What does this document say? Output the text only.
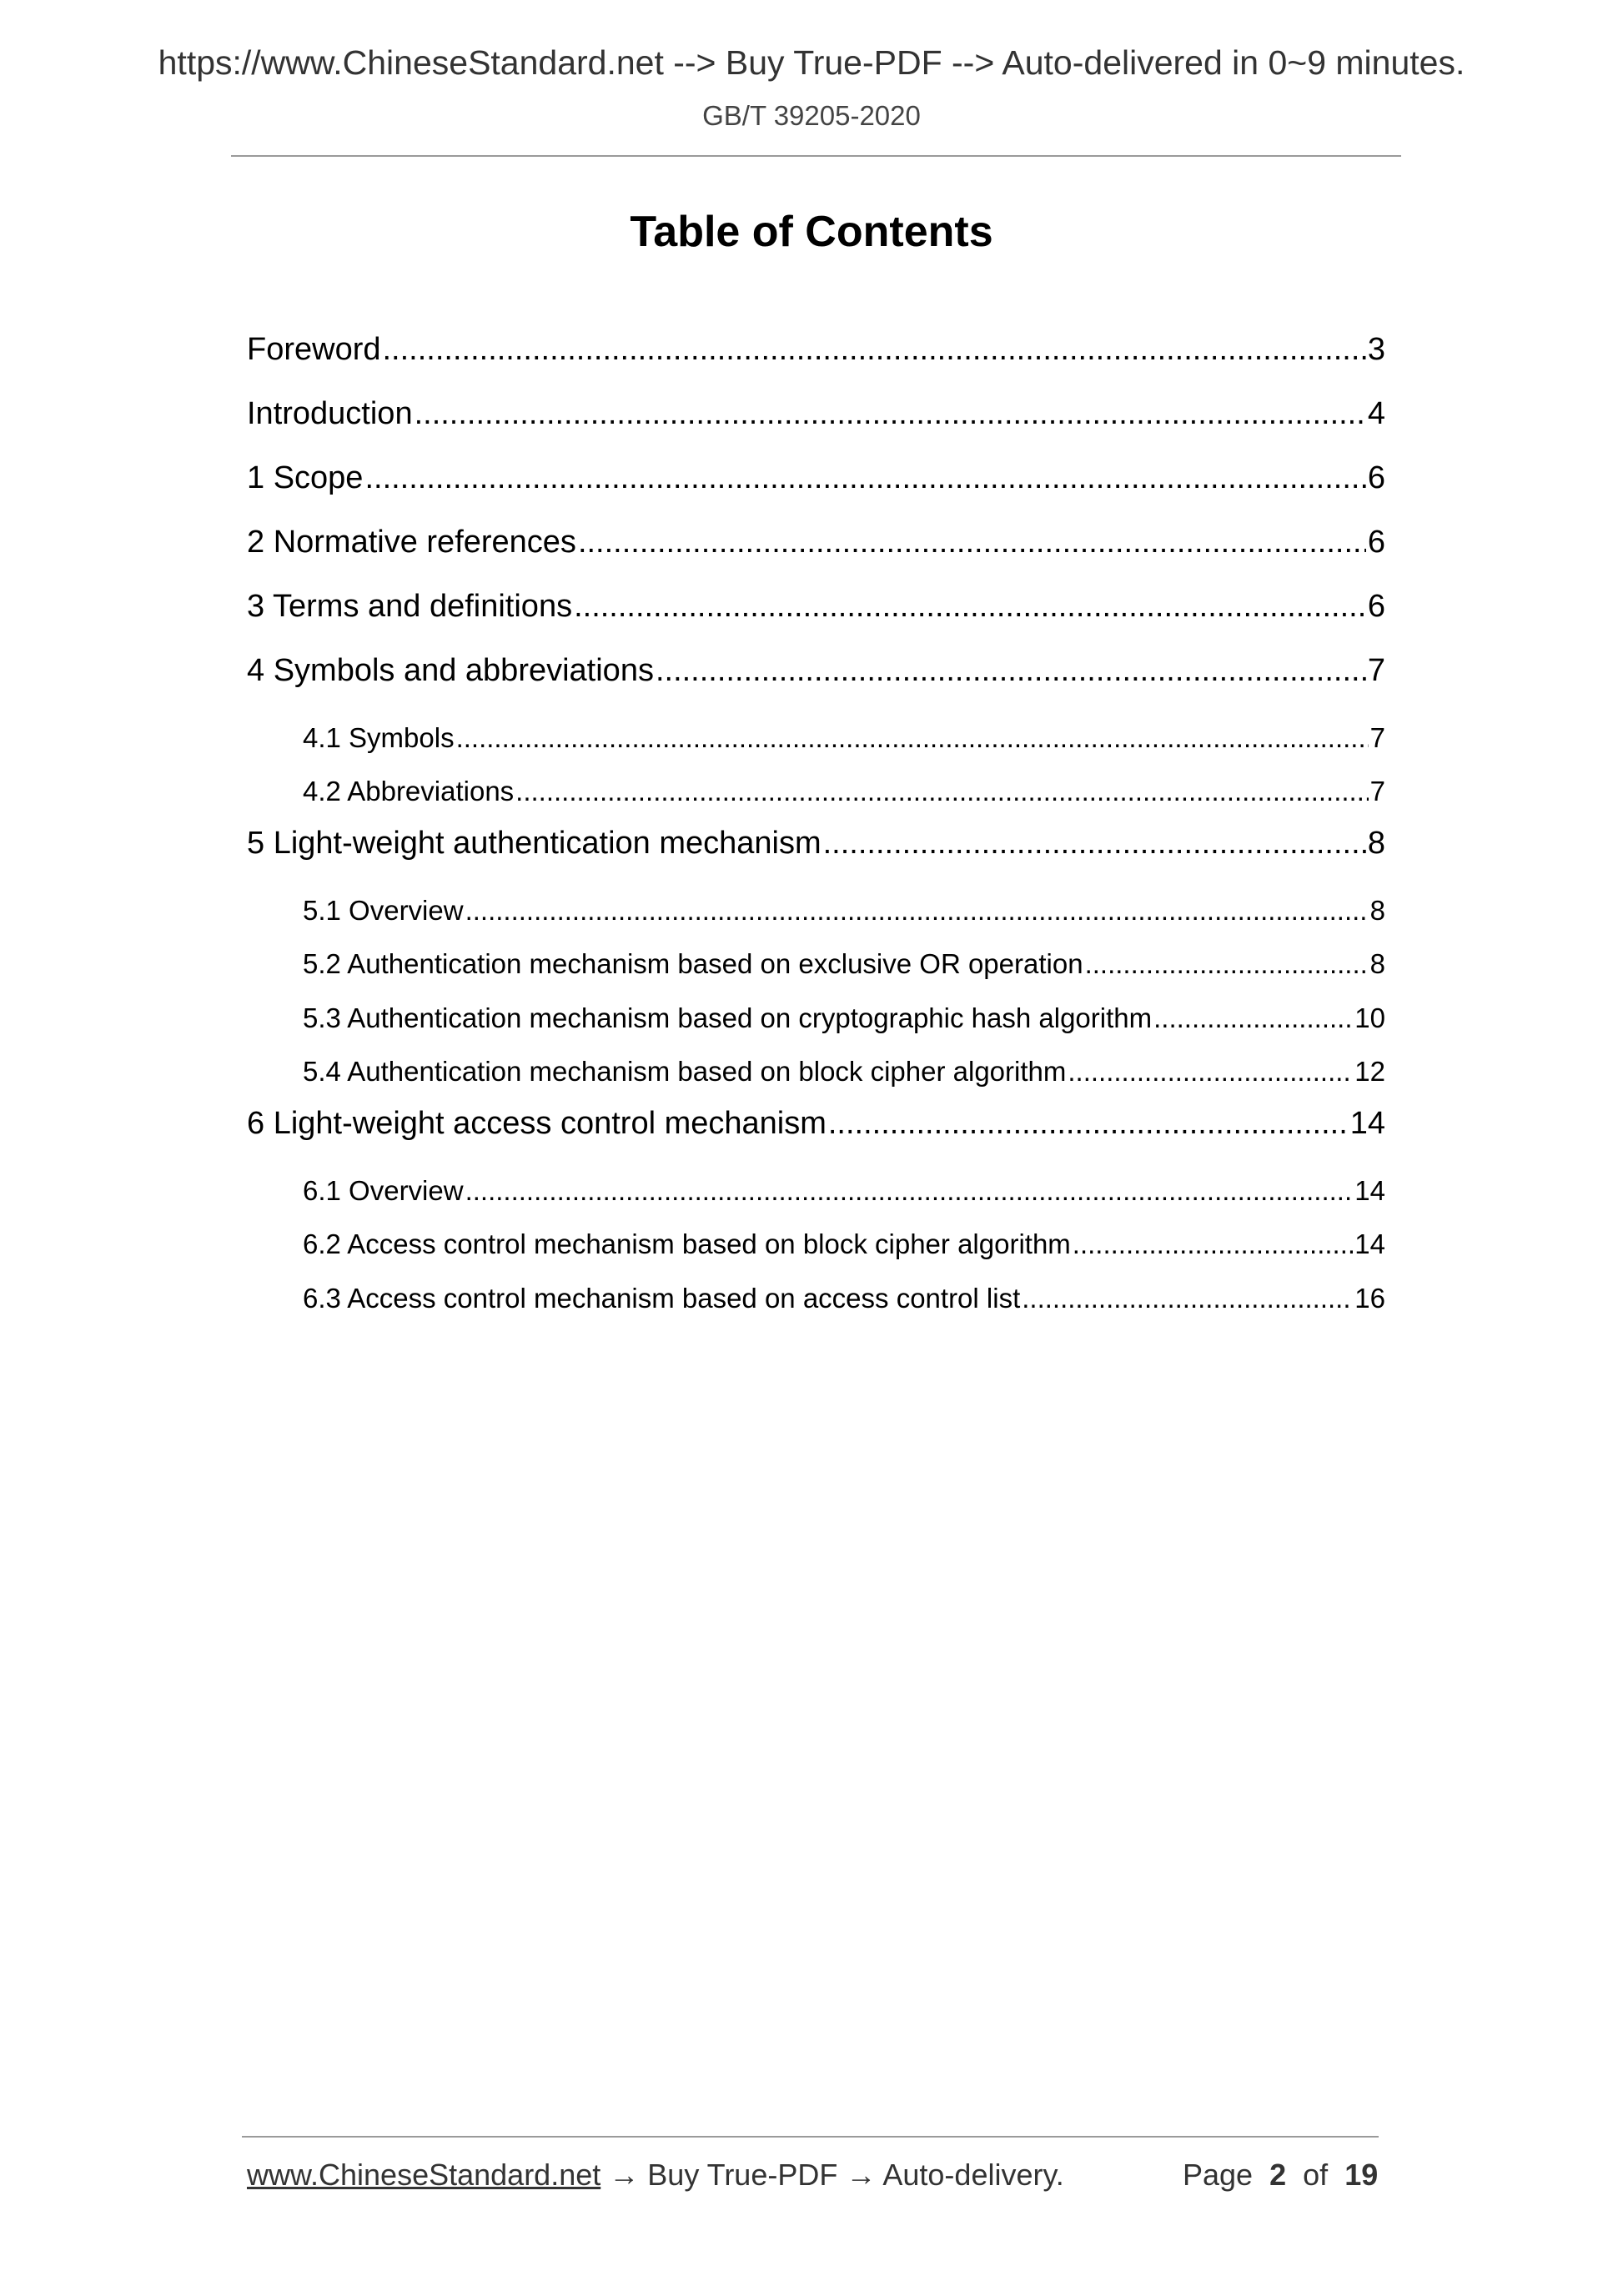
https://www.ChineseStandard.net --> Buy True-PDF --> Auto-delivered in 0~9 minutes.
GB/T 39205-2020
Table of Contents
Foreword .....	3
Introduction .....	4
1 Scope .....	6
2 Normative references .....	6
3 Terms and definitions .....	6
4 Symbols and abbreviations .....	7
4.1 Symbols .....	7
4.2 Abbreviations .....	7
5 Light-weight authentication mechanism .....	8
5.1 Overview .....	8
5.2 Authentication mechanism based on exclusive OR operation .....	8
5.3 Authentication mechanism based on cryptographic hash algorithm .....	10
5.4 Authentication mechanism based on block cipher algorithm .....	12
6 Light-weight access control mechanism .....	14
6.1 Overview .....	14
6.2 Access control mechanism based on block cipher algorithm .....	14
6.3 Access control mechanism based on access control list .....	16
www.ChineseStandard.net → Buy True-PDF → Auto-delivery.	Page 2 of 19
